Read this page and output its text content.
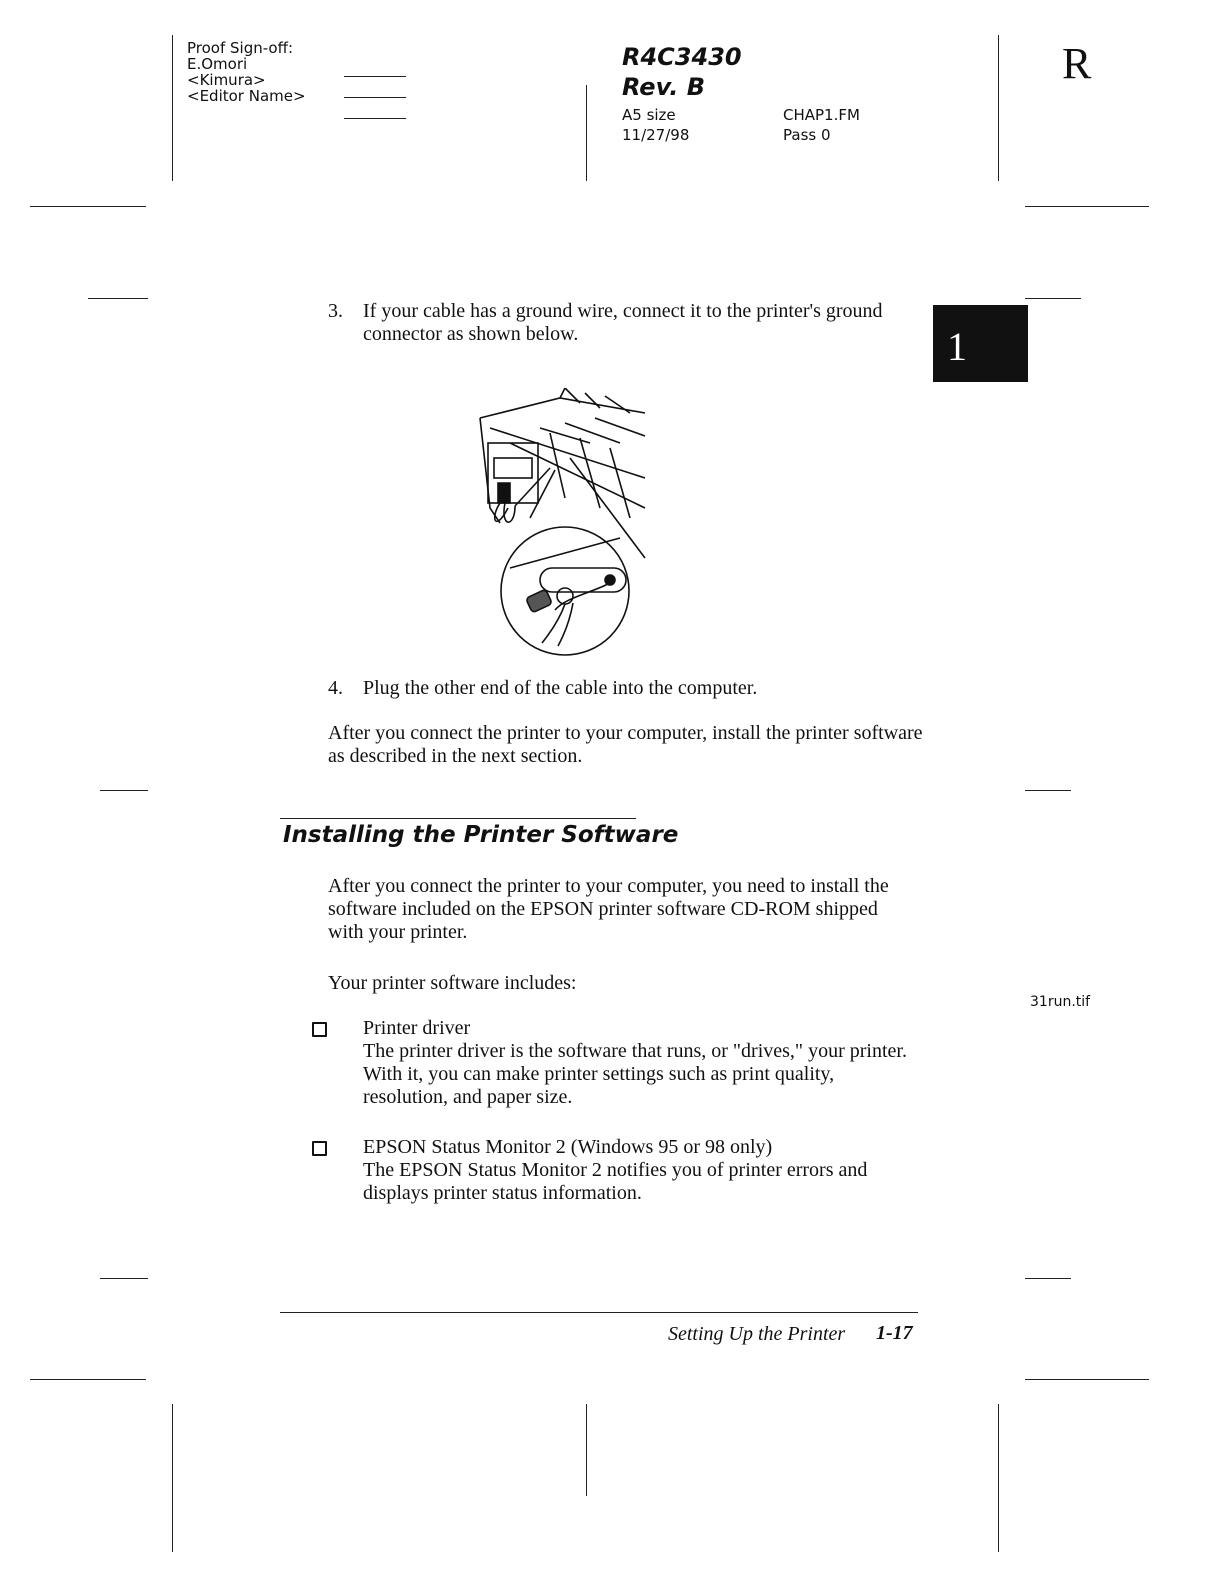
Proof Sign-off:
E.Omori
<Kimura>
<Editor Name>
R4C3430
Rev. B
A5 size
11/27/98
CHAP1.FM
Pass 0
R
1
3. If your cable has a ground wire, connect it to the printer's ground connector as shown below.
4. Plug the other end of the cable into the computer.
After you connect the printer to your computer, install the printer software as described in the next section.
Installing the Printer Software
After you connect the printer to your computer, you need to install the software included on the EPSON printer software CD-ROM shipped with your printer.
Your printer software includes:
31run.tif
Printer driver
The printer driver is the software that runs, or "drives," your printer. With it, you can make printer settings such as print quality, resolution, and paper size.
EPSON Status Monitor 2 (Windows 95 or 98 only)
The EPSON Status Monitor 2 notifies you of printer errors and displays printer status information.
Setting Up the Printer 1-17
